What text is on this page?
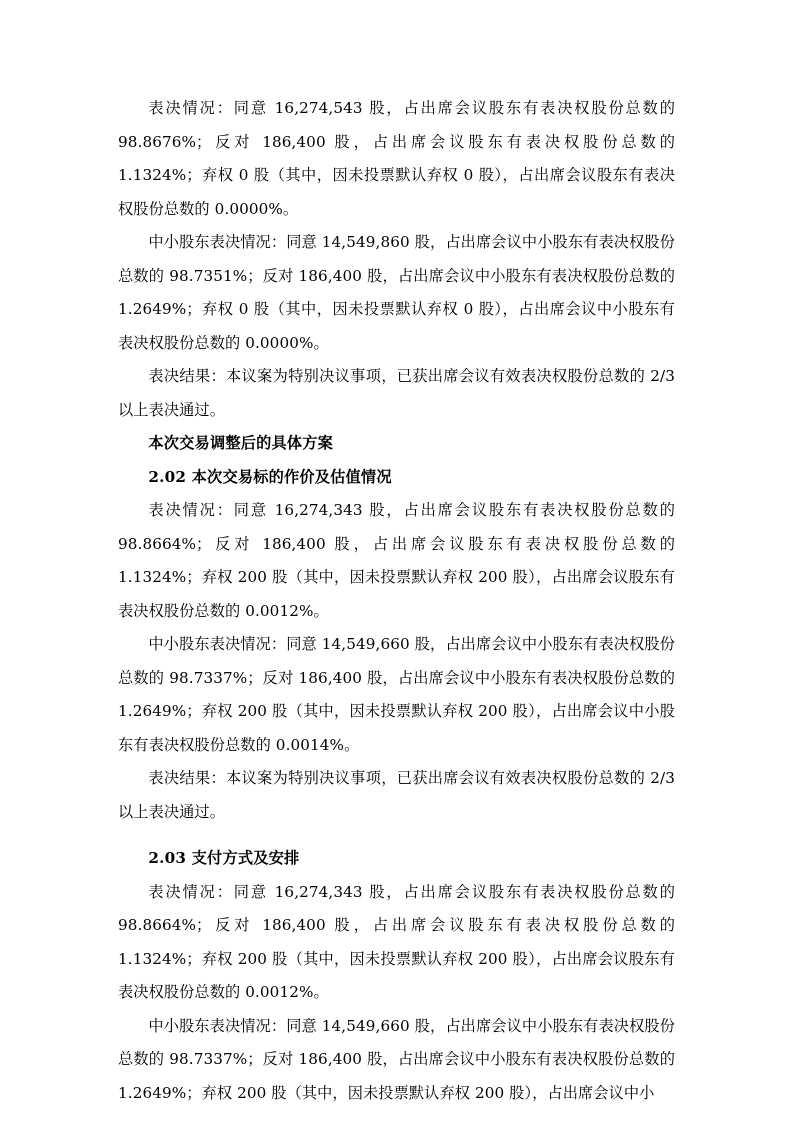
表决情况：同意 16,274,543 股，占出席会议股东有表决权股份总数的 98.8676%；反对 186,400 股，占出席会议股东有表决权股份总数的 1.1324%；弃权 0 股（其中，因未投票默认弃权 0 股），占出席会议股东有表决权股份总数的 0.0000%。

中小股东表决情况：同意 14,549,860 股，占出席会议中小股东有表决权股份总数的 98.7351%；反对 186,400 股，占出席会议中小股东有表决权股份总数的 1.2649%；弃权 0 股（其中，因未投票默认弃权 0 股），占出席会议中小股东有表决权股份总数的 0.0000%。

表决结果：本议案为特别决议事项，已获出席会议有效表决权股份总数的 2/3 以上表决通过。

本次交易调整后的具体方案
2.02 本次交易标的作价及估值情况

表决情况：同意 16,274,343 股，占出席会议股东有表决权股份总数的 98.8664%；反对 186,400 股，占出席会议股东有表决权股份总数的 1.1324%；弃权 200 股（其中，因未投票默认弃权 200 股），占出席会议股东有表决权股份总数的 0.0012%。

中小股东表决情况：同意 14,549,660 股，占出席会议中小股东有表决权股份总数的 98.7337%；反对 186,400 股，占出席会议中小股东有表决权股份总数的 1.2649%；弃权 200 股（其中，因未投票默认弃权 200 股），占出席会议中小股东有表决权股份总数的 0.0014%。

表决结果：本议案为特别决议事项，已获出席会议有效表决权股份总数的 2/3 以上表决通过。

2.03 支付方式及安排

表决情况：同意 16,274,343 股，占出席会议股东有表决权股份总数的 98.8664%；反对 186,400 股，占出席会议股东有表决权股份总数的 1.1324%；弃权 200 股（其中，因未投票默认弃权 200 股），占出席会议股东有表决权股份总数的 0.0012%。

中小股东表决情况：同意 14,549,660 股，占出席会议中小股东有表决权股份总数的 98.7337%；反对 186,400 股，占出席会议中小股东有表决权股份总数的 1.2649%；弃权 200 股（其中，因未投票默认弃权 200 股），占出席会议中小
